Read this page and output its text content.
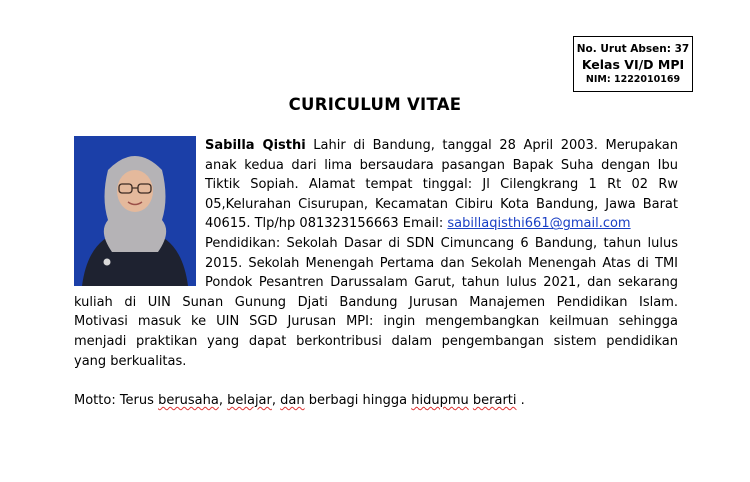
No. Urut Absen: 37
Kelas VI/D MPI
NIM: 1222010169
CURICULUM VITAE
Sabilla Qisthi Lahir di Bandung, tanggal 28 April 2003. Merupakan
anak kedua dari lima bersaudara pasangan Bapak Suha dengan Ibu
Tiktik Sopiah. Alamat tempat tinggal: Jl Cilengkrang 1 Rt 02 Rw
05,Kelurahan Cisurupan, Kecamatan Cibiru Kota Bandung, Jawa Barat
40615. Tlp/hp 081323156663 Email: sabillaqisthi661@gmail.com
Pendidikan: Sekolah Dasar di SDN Cimuncang 6 Bandung, tahun lulus
2015. Sekolah Menengah Pertama dan Sekolah Menengah Atas di TMI
Pondok Pesantren Darussalam Garut, tahun lulus 2021, dan sekarang
kuliah di UIN Sunan Gunung Djati Bandung Jurusan Manajemen Pendidikan Islam.
Motivasi masuk ke UIN SGD Jurusan MPI: ingin mengembangkan keilmuan sehingga
menjadi praktikan yang dapat berkontribusi dalam pengembangan sistem pendidikan
yang berkualitas.
Motto: Terus berusaha, belajar, dan berbagi hingga hidupmu berarti .
